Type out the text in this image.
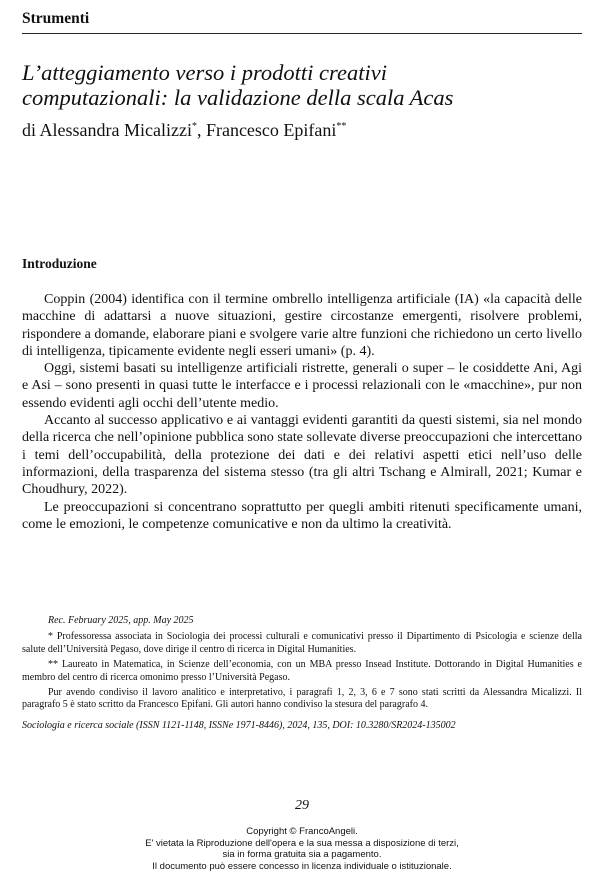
Strumenti
L’atteggiamento verso i prodotti creativi
computazionali: la validazione della scala Acas
di Alessandra Micalizzi*, Francesco Epifani**
Introduzione

Coppin (2004) identifica con il termine ombrello intelligenza artificiale (IA) «la capacità delle macchine di adattarsi a nuove situazioni, gestire circostanze emergenti, risolvere problemi, rispondere a domande, elaborare piani e svolgere varie altre funzioni che richiedono un certo livello di intelligenza, tipicamente evidente negli esseri umani» (p. 4).

Oggi, sistemi basati su intelligenze artificiali ristrette, generali o super – le cosiddette Ani, Agi e Asi – sono presenti in quasi tutte le interfacce e i processi relazionali con le «macchine», pur non essendo evidenti agli occhi dell’utente medio.

Accanto al successo applicativo e ai vantaggi evidenti garantiti da questi sistemi, sia nel mondo della ricerca che nell’opinione pubblica sono state sollevate diverse preoccupazioni che intercettano i temi dell’occupabilità, della protezione dei dati e dei relativi aspetti etici nell’uso delle informazioni, della trasparenza del sistema stesso (tra gli altri Tschang e Almirall, 2021; Kumar e Choudhury, 2022).

Le preoccupazioni si concentrano soprattutto per quegli ambiti ritenuti specificamente umani, come le emozioni, le competenze comunicative e non da ultimo la creatività.

Rec. February 2025, app. May 2025

* Professoressa associata in Sociologia dei processi culturali e comunicativi presso il Dipartimento di Psicologia e scienze della salute dell’Università Pegaso, dove dirige il centro di ricerca in Digital Humanities.

** Laureato in Matematica, in Scienze dell’economia, con un MBA presso Insead Institute. Dottorando in Digital Humanities e membro del centro di ricerca omonimo presso l’Università Pegaso.

Pur avendo condiviso il lavoro analitico e interpretativo, i paragrafi 1, 2, 3, 6 e 7 sono stati scritti da Alessandra Micalizzi. Il paragrafo 5 è stato scritto da Francesco Epifani. Gli autori hanno condiviso la stesura del paragrafo 4.

Sociologia e ricerca sociale (ISSN 1121-1148, ISSNe 1971-8446), 2024, 135, DOI: 10.3280/SR2024-135002

29
Copyright © FrancoAngeli.
E' vietata la Riproduzione dell'opera e la sua messa a disposizione di terzi,
sia in forma gratuita sia a pagamento.
Il documento può essere concesso in licenza individuale o istituzionale.
